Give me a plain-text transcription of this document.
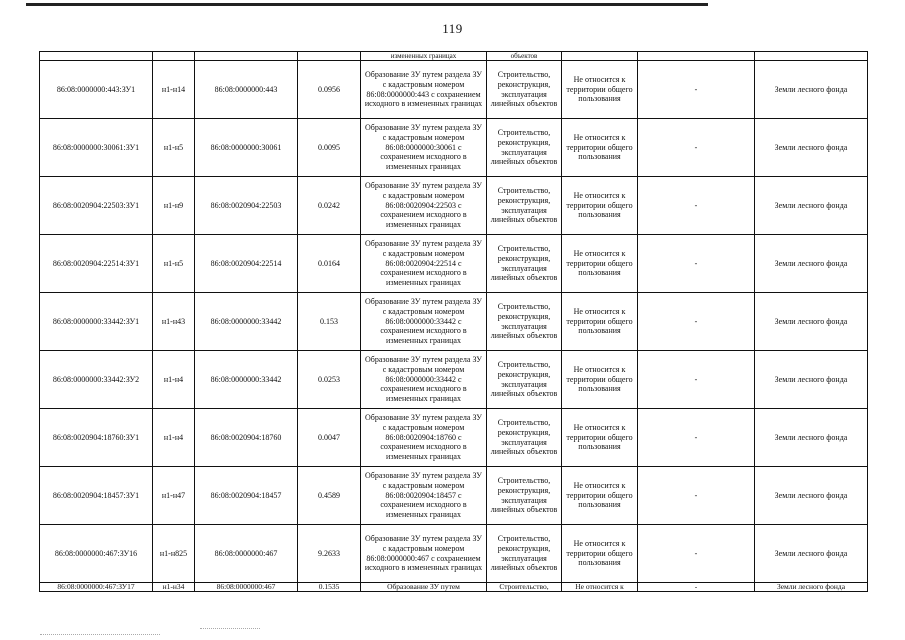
119
				измененных границах	объектов			
86:08:0000000:443:ЗУ1	н1-н14	86:08:0000000:443	0.0956	Образование ЗУ путем раздела ЗУ с кадастровым номером 86:08:0000000:443 с сохранением исходного в измененных границах	Строительство, реконструкция, эксплуатация линейных объектов	Не относится к территории общего пользования	-	Земли лесного фонда
86:08:0000000:30061:ЗУ1	н1-н5	86:08:0000000:30061	0.0095	Образование ЗУ путем раздела ЗУ с кадастровым номером 86:08:0000000:30061 с сохранением исходного в измененных границах	Строительство, реконструкция, эксплуатация линейных объектов	Не относится к территории общего пользования	-	Земли лесного фонда
86:08:0020904:22503:ЗУ1	н1-н9	86:08:0020904:22503	0.0242	Образование ЗУ путем раздела ЗУ с кадастровым номером 86:08:0020904:22503 с сохранением исходного в измененных границах	Строительство, реконструкция, эксплуатация линейных объектов	Не относится к территории общего пользования	-	Земли лесного фонда
86:08:0020904:22514:ЗУ1	н1-н5	86:08:0020904:22514	0.0164	Образование ЗУ путем раздела ЗУ с кадастровым номером 86:08:0020904:22514 с сохранением исходного в измененных границах	Строительство, реконструкция, эксплуатация линейных объектов	Не относится к территории общего пользования	-	Земли лесного фонда
86:08:0000000:33442:ЗУ1	н1-н43	86:08:0000000:33442	0.153	Образование ЗУ путем раздела ЗУ с кадастровым номером 86:08:0000000:33442 с сохранением исходного в измененных границах	Строительство, реконструкция, эксплуатация линейных объектов	Не относится к территории общего пользования	-	Земли лесного фонда
86:08:0000000:33442:ЗУ2	н1-н4	86:08:0000000:33442	0.0253	Образование ЗУ путем раздела ЗУ с кадастровым номером 86:08:0000000:33442 с сохранением исходного в измененных границах	Строительство, реконструкция, эксплуатация линейных объектов	Не относится к территории общего пользования	-	Земли лесного фонда
86:08:0020904:18760:ЗУ1	н1-н4	86:08:0020904:18760	0.0047	Образование ЗУ путем раздела ЗУ с кадастровым номером 86:08:0020904:18760 с сохранением исходного в измененных границах	Строительство, реконструкция, эксплуатация линейных объектов	Не относится к территории общего пользования	-	Земли лесного фонда
86:08:0020904:18457:ЗУ1	н1-н47	86:08:0020904:18457	0.4589	Образование ЗУ путем раздела ЗУ с кадастровым номером 86:08:0020904:18457 с сохранением исходного в измененных границах	Строительство, реконструкция, эксплуатация линейных объектов	Не относится к территории общего пользования	-	Земли лесного фонда
86:08:0000000:467:ЗУ16	н1-н825	86:08:0000000:467	9.2633	Образование ЗУ путем раздела ЗУ с кадастровым номером 86:08:0000000:467 с сохранением исходного в измененных границах	Строительство, реконструкция, эксплуатация линейных объектов	Не относится к территории общего пользования	-	Земли лесного фонда
86:08:0000000:467:ЗУ17	н1-н34	86:08:0000000:467	0.1535	Образование ЗУ путем	Строительство,	Не относится к	-	Земли лесного фонда
